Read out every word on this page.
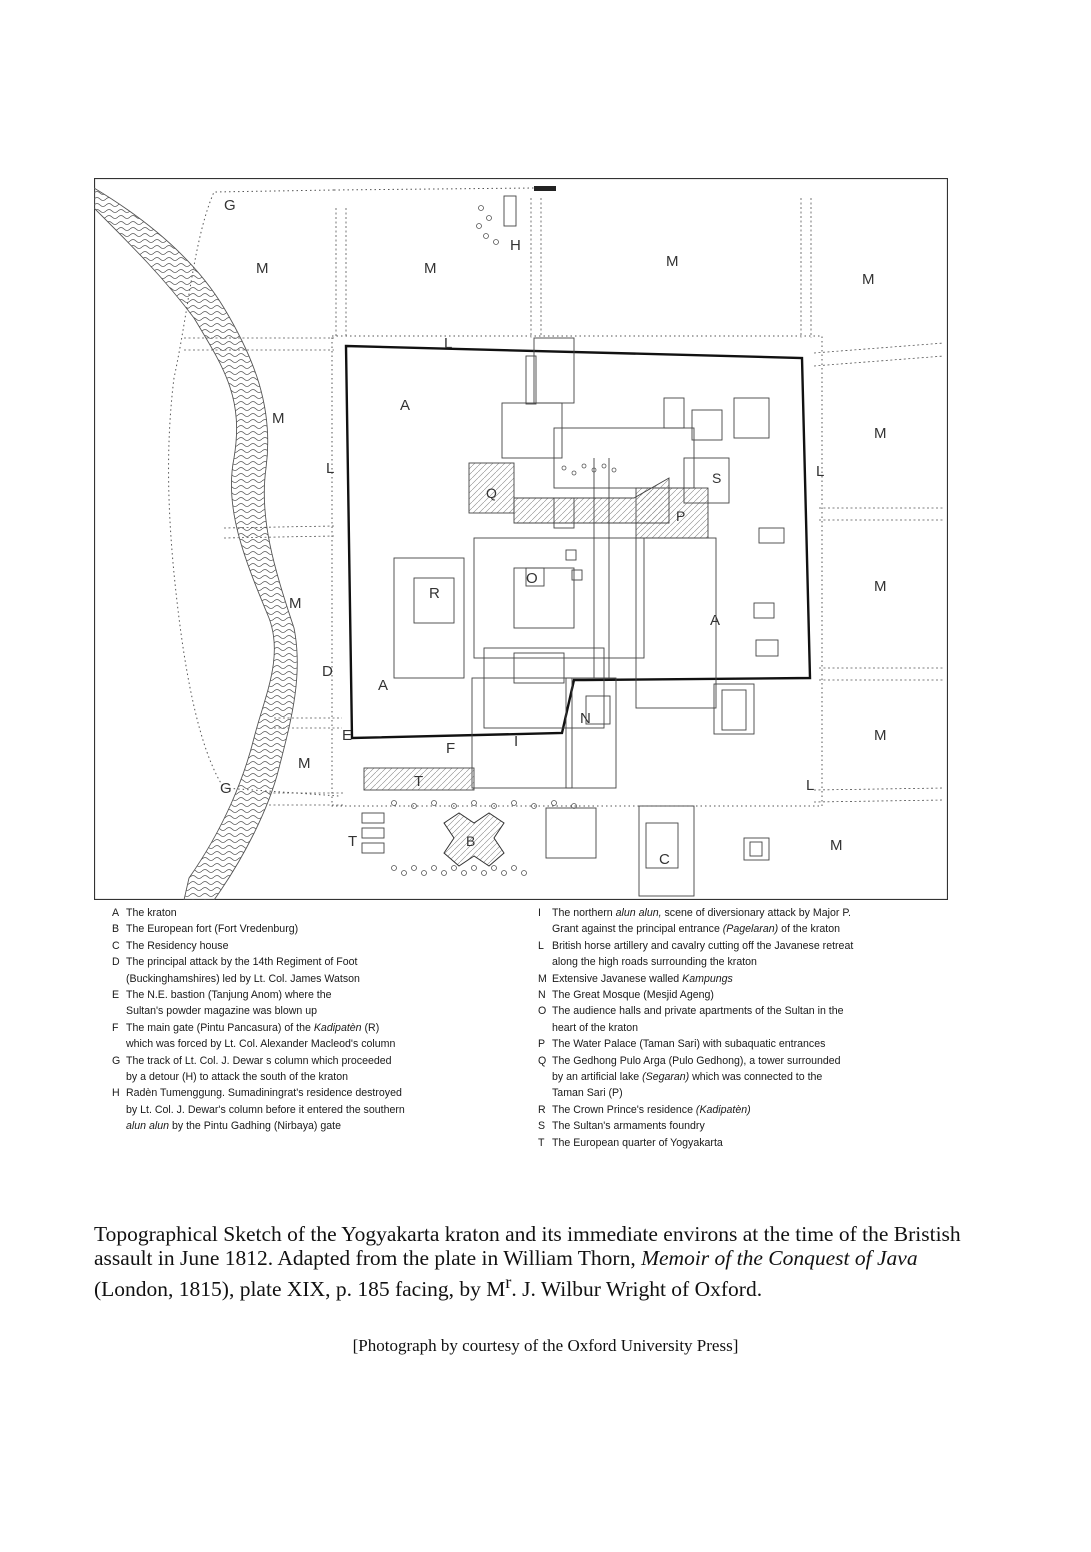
G
G
M	M	M
M
M
M
M
M
M
M
M
H
L
L	L
L
A
A
A
Q
S
P
O
R
D
E
F
T
T
N
I
B
C
A The kraton
B The European fort (Fort Vredenburg)
C The Residency house
D The principal attack by the 14th Regiment of Foot
(Buckinghamshires) led by Lt. Col. James Watson
E The N.E. bastion (Tanjung Anom) where the
Sultan's powder magazine was blown up
F The main gate (Pintu Pancasura) of the Kadipatèn (R)
which was forced by Lt. Col. Alexander Macleod's column
G The track of Lt. Col. J. Dewar s column which proceeded
by a detour (H) to attack the south of the kraton
H Radèn Tumenggung. Sumadiningrat's residence destroyed
by Lt. Col. J. Dewar's column before it entered the southern
alun alun by the Pintu Gadhing (Nirbaya) gate
I	The northern alun alun, scene of diversionary attack by Major P.
Grant against the principal entrance (Pagelaran) of the kraton
L British horse artillery and cavalry cutting off the Javanese retreat
along the high roads surrounding the kraton
M Extensive Javanese walled Kampungs
N The Great Mosque (Mesjid Ageng)
O The audience halls and private apartments of the Sultan in the
heart of the kraton
P The Water Palace (Taman Sari) with subaquatic entrances
Q The Gedhong Pulo Arga (Pulo Gedhong), a tower surrounded
by an artificial lake (Segaran) which was connected to the
Taman Sari (P)
R The Crown Prince's residence (Kadipatèn)
S The Sultan's armaments foundry
T The European quarter of Yogyakarta
Topographical Sketch of the Yogyakarta kraton and its immediate environs at the time of the Bristish assault in June 1812. Adapted from the plate in William Thorn, Memoir of the Conquest of Java (London, 1815), plate XIX, p. 185 facing, by $M^r$. J. Wilbur Wright of Oxford.
[Photograph by courtesy of the Oxford University Press]
